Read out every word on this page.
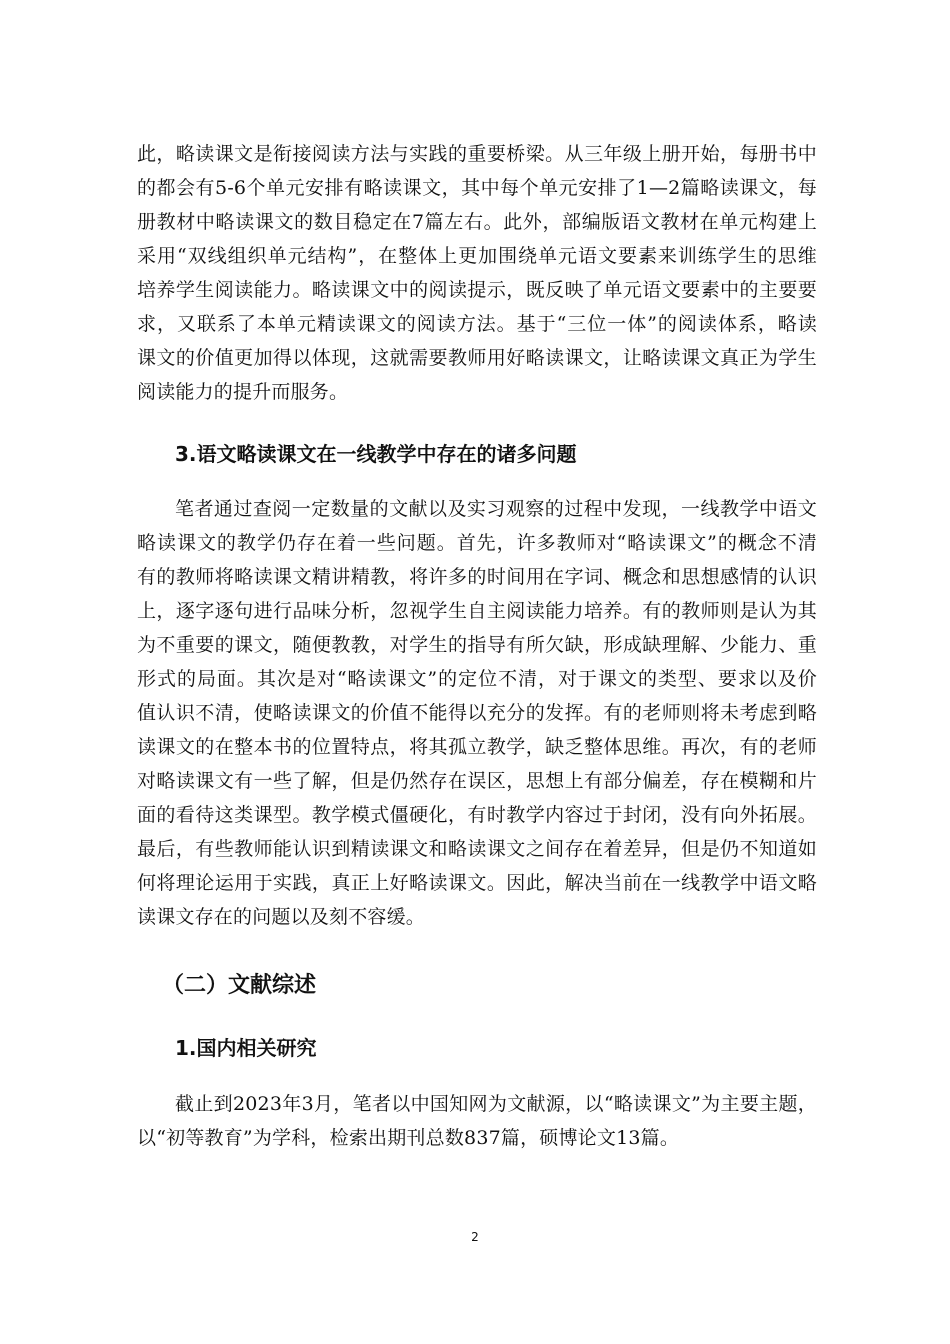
此，略读课文是衔接阅读方法与实践的重要桥梁。从三年级上册开始，每册书中
的都会有5-6个单元安排有略读课文，其中每个单元安排了1—2篇略读课文，每
册教材中略读课文的数目稳定在7篇左右。此外，部编版语文教材在单元构建上
采用“双线组织单元结构”，在整体上更加围绕单元语文要素来训练学生的思维
培养学生阅读能力。略读课文中的阅读提示，既反映了单元语文要素中的主要要
求，又联系了本单元精读课文的阅读方法。基于“三位一体”的阅读体系，略读
课文的价值更加得以体现，这就需要教师用好略读课文，让略读课文真正为学生
阅读能力的提升而服务。
3.语文略读课文在一线教学中存在的诸多问题
笔者通过查阅一定数量的文献以及实习观察的过程中发现，一线教学中语文
略读课文的教学仍存在着一些问题。首先，许多教师对“略读课文”的概念不清
有的教师将略读课文精讲精教，将许多的时间用在字词、概念和思想感情的认识
上，逐字逐句进行品味分析，忽视学生自主阅读能力培养。有的教师则是认为其
为不重要的课文，随便教教，对学生的指导有所欠缺，形成缺理解、少能力、重
形式的局面。其次是对“略读课文”的定位不清，对于课文的类型、要求以及价
值认识不清，使略读课文的价值不能得以充分的发挥。有的老师则将未考虑到略
读课文的在整本书的位置特点，将其孤立教学，缺乏整体思维。再次，有的老师
对略读课文有一些了解，但是仍然存在误区，思想上有部分偏差，存在模糊和片
面的看待这类课型。教学模式僵硬化，有时教学内容过于封闭，没有向外拓展。
最后，有些教师能认识到精读课文和略读课文之间存在着差异，但是仍不知道如
何将理论运用于实践，真正上好略读课文。因此，解决当前在一线教学中语文略
读课文存在的问题以及刻不容缓。
（二）文献综述
1.国内相关研究
截止到2023年3月，笔者以中国知网为文献源，以“略读课文”为主要主题，
以“初等教育”为学科，检索出期刊总数837篇，硕博论文13篇。
2
